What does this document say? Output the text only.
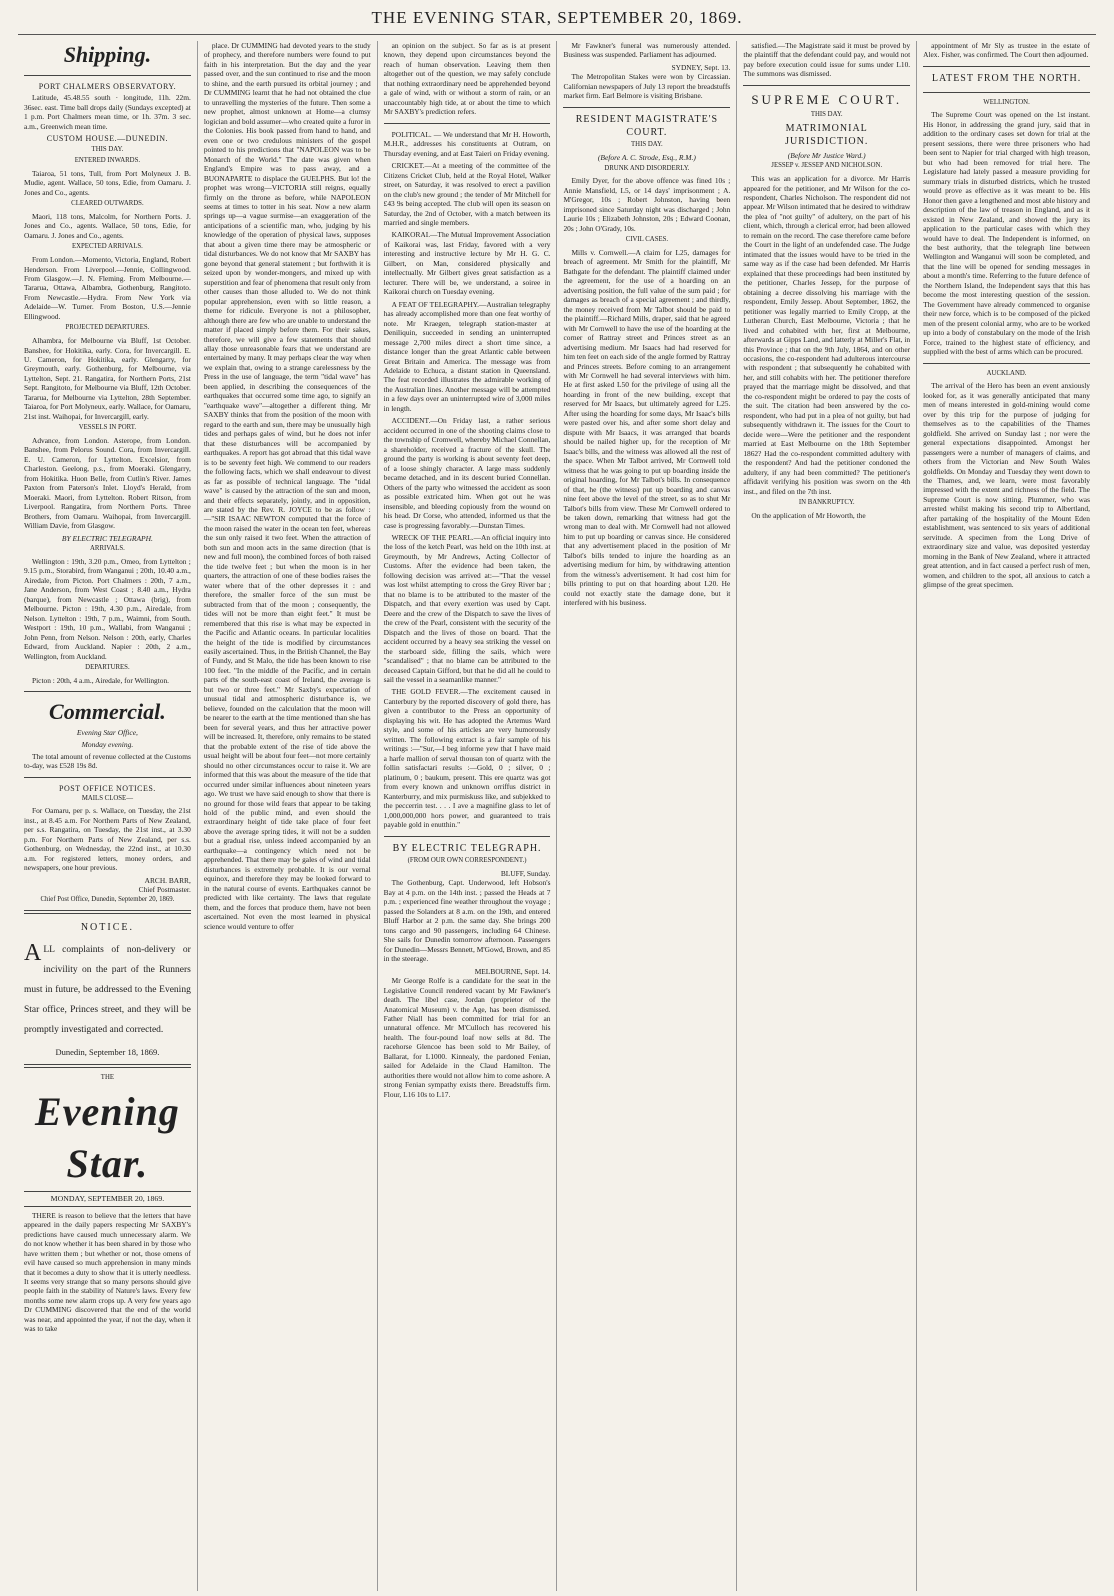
THE EVENING STAR, SEPTEMBER 20, 1869.
Shipping.
PORT CHALMERS OBSERVATORY.

Latitude, 45.48.55 south · longitude, 11h. 22m. 36sec. east. Time ball drops daily (Sundays excepted) at 1 p.m. Port Chalmers mean time, or 1h. 37m. 3 sec. a.m., Greenwich mean time.

CUSTOM HOUSE.—DUNEDIN.
THIS DAY.
ENTERED INWARDS.

Taiaroa, 51 tons, Tull, from Port Molyneux J. B. Mudie, agent. Wallace, 50 tons, Edie, from Oamaru. J. Jones and Co., agents.

CLEARED OUTWARDS.

Maori, 118 tons, Malcolm, for Northern Ports. J. Jones and Co., agents. Wallace, 50 tons, Edie, for Oamaru. J. Jones and Co., agents.

EXPECTED ARRIVALS.

From London.—Momento, Victoria, England, Robert Henderson. From Liverpool.—Jennie, Collingwood. From Glasgow.—J. N. Fleming. From Melbourne.—Tararua, Ottawa, Albambra, Gothenburg, Rangitoto. From Newcastle.—Hydra. From New York via Adelaide—W. Turner. From Boston, U.S.—Jennie Ellingwood.

PROJECTED DEPARTURES.

Alhambra, for Melbourne via Bluff, 1st October. Banshee, for Hokitika, early. Cora, for Invercargill. E. U. Cameron, for Hokitika, early. Glengarry, for Greymouth, early. Gothenburg, for Melbourne, via Lyttelton, Sept. 21. Rangatira, for Northern Ports, 21st Sept. Rangitoto, for Melbourne via Bluff, 12th October. Tararua, for Melbourne via Lyttelton, 28th September. Taiaroa, for Port Molyneux, early. Wallace, for Oamaru, 21st inst. Waihopai, for Invercargill, early.

VESSELS IN PORT.

Advance, from London. Asterope, from London. Banshee, from Pelorus Sound. Cora, from Invercargill. E. U. Cameron, for Lyttelton. Excelsior, from Charleston. Geelong, p.s., from Moeraki. Glengarry, from Hokitika. Huon Belle, from Cutlin's River. James Paxton from Paterson's Inlet. Lloyd's Herald, from Moeraki. Maori, from Lyttelton. Robert Ritson, from Liverpool. Rangatira, from Northern Ports. Three Brothers, from Oamaru. Waihopai, from Invercargill. William Davie, from Glasgow.

BY ELECTRIC TELEGRAPH.
ARRIVALS.

Wellington : 19th, 3.20 p.m., Omeo, from Lyttelton ; 9.15 p.m., Storabird, from Wanganui ; 20th, 10.40 a.m., Airedale, from Picton. Port Chalmers : 20th, 7 a.m., Jane Anderson, from West Coast ; 8.40 a.m., Hydra (barque), from Newcastle ; Ottawa (brig), from Melbourne. Picton : 19th, 4.30 p.m., Airedale, from Nelson. Lyttelton : 19th, 7 p.m., Waimni, from South. Westport : 19th, 10 p.m., Wallabi, from Wanganui ; John Penn, from Nelson. Nelson : 20th, early, Charles Edward, from Auckland. Napier : 20th, 2 a.m., Wellington, from Auckland.

DEPARTURES.

Picton : 20th, 4 a.m., Airedale, for Wellington.

Commercial.
Evening Star Office,
Monday evening.

The total amount of revenue collected at the Customs to-day, was £528 19s 8d.

POST OFFICE NOTICES.
MAILS CLOSE—

For Oamaru, per p. s. Wallace, on Tuesday, the 21st inst., at 8.45 a.m. For Northern Parts of New Zealand, per s.s. Rangatira, on Tuesday, the 21st inst., at 3.30 p.m. For Northern Parts of New Zealand, per s.s. Gothenburg, on Wednesday, the 22nd inst., at 10.30 a.m. For registered letters, money orders, and newspapers, one hour previous.

ARCH. BARR,
Chief Postmaster.
Chief Post Office, Dunedin, September 20, 1869.
NOTICE.
A LL complaints of non-delivery or incivility on the part of the Runners must in future, be addressed to the Evening Star office, Princes street, and they will be promptly investigated and corrected.
Dunedin, September 18, 1869.
THE
Evening Star.
MONDAY, SEPTEMBER 20, 1869.

THERE is reason to believe that the letters that have appeared in the daily papers respecting Mr SAXBY's predictions have caused much unnecessary alarm. We do not know whether it has been shared in by those who have written them ; but whether or not, those omens of evil have caused so much apprehension in many minds that it becomes a duty to show that it is utterly needless. It seems very strange that so many persons should give people faith in the stability of Nature's laws. Every few months some new alarm crops up. A very few years ago Dr CUMMING discovered that the end of the world was near, and appointed the year, if not the day, when it was to take

place. Dr CUMMING had devoted years to the study of prophecy, and therefore numbers were found to put faith in his interpretation. But the day and the year passed over, and the sun continued to rise and the moon to shine, and the earth pursued its orbital journey ; and Dr CUMMING learnt that he had not obtained the clue to unravelling the mysteries of the future. Then some a new prophet, almost unknown at Home—a clumsy logician and bold assumer—who created quite a furor in the Colonies. His book passed from hand to hand, and even one or two credulous ministers of the gospel pointed to his predictions that "NAPOLEON was to be Monarch of the World." The date was given when England's Empire was to pass away, and a BUONAPARTE to displace the GUELPHS. But lo! the prophet was wrong—VICTORIA still reigns, equally firmly on the throne as before, while NAPOLEON seems at times to totter in his seat. Now a new alarm springs up—a vague surmise—an exaggeration of the anticipations of a scientific man, who, judging by his knowledge of the operation of physical laws, supposes that about a given time there may be atmospheric or tidal disturbances. We do not know that Mr SAXBY has gone beyond that general statement ; but forthwith it is seized upon by wonder-mongers, and mixed up with superstition and fear of phenomena that result only from other causes than those alluded to. We do not think popular apprehension, even with so little reason, a theme for ridicule. Everyone is not a philosopher, although there are few who are unable to understand the matter if placed simply before them. For their sakes, therefore, we will give a few statements that should allay those unreasonable fears that we understand are entertained by many. It may perhaps clear the way when we explain that, owing to a strange carelessness by the Press in the use of language, the term "tidal wave" has been applied, in describing the consequences of the earthquakes that occurred some time ago, to signify an "earthquake wave"—altogether a different thing. Mr SAXBY thinks that from the position of the moon with regard to the earth and sun, there may be unusually high tides and perhaps gales of wind, but he does not infer that these disturbances will be accompanied by earthquakes. A report has got abroad that this tidal wave is to be seventy feet high. We commend to our readers the following facts, which we shall endeavour to divest as far as possible of technical language. The "tidal wave" is caused by the attraction of the sun and moon, and their effects separately, jointly, and in opposition, are stated by the Rev. R. JOYCE to be as follow :—"SIR ISAAC NEWTON computed that the force of the moon raised the water in the ocean ten feet, whereas the sun only raised it two feet. When the attraction of both sun and moon acts in the same direction (that is new and full moon), the combined forces of both raised the tide twelve feet ; but when the moon is in her quarters, the attraction of one of these bodies raises the water where that of the other depresses it : and therefore, the smaller force of the sun must be subtracted from that of the moon ; consequently, the tides will not be more than eight feet." It must be remembered that this rise is what may be expected in the Pacific and Atlantic oceans. In particular localities the height of the tide is modified by circumstances easily ascertained. Thus, in the British Channel, the Bay of Fundy, and St Malo, the tide has been known to rise 100 feet. "In the middle of the Pacific, and in certain parts of the south-east coast of Ireland, the average is but two or three feet." Mr Saxby's expectation of unusual tidal and atmospheric disturbance is, we believe, founded on the calculation that the moon will be nearer to the earth at the time mentioned than she has been for several years, and thus her attractive power will be increased. It, therefore, only remains to be stated that the probable extent of the rise of tide above the usual height will be about four feet—not more certainly should no other circumstances occur to raise it. We are informed that this was about the measure of the tide that occurred under similar influences about nineteen years ago. We trust we have said enough to show that there is no ground for those wild fears that appear to be taking hold of the public mind, and even should the extraordinary height of tide take place of four feet above the average spring tides, it will not be a sudden but a gradual rise, unless indeed accompanied by an earthquake—a contingency which need not be apprehended. That there may be gales of wind and tidal disturbances is extremely probable. It is our vernal equinox, and therefore they may be looked forward to in the natural course of events. Earthquakes cannot be predicted with like certainty. The laws that regulate them, and the forces that produce them, have not been ascertained. Not even the most learned in physical science would venture to offer

an opinion on the subject. So far as is at present known, they depend upon circumstances beyond the reach of human observation. Leaving them then altogether out of the question, we may safely conclude that nothing extraordinary need be apprehended beyond a gale of wind, with or without a storm of rain, or an unaccountably high tide, at or about the time to which Mr SAXBY's prediction refers.

POLITICAL. — We understand that Mr H. Howorth, M.H.R., addresses his constituents at Outram, on Thursday evening, and at East Taieri on Friday evening.

CRICKET.—At a meeting of the committee of the Citizens Cricket Club, held at the Royal Hotel, Walker street, on Saturday, it was resolved to erect a pavilion on the club's new ground ; the tender of Mr Mitchell for £43 9s being accepted. The club will open its season on Saturday, the 2nd of October, with a match between its married and single members.

KAIKORAI.—The Mutual Improvement Association of Kaikorai was, last Friday, favored with a very interesting and instructive lecture by Mr H. G. C. Gilbert, on Man, considered physically and intellectually. Mr Gilbert gives great satisfaction as a lecturer. There will be, we understand, a soiree in Kaikorai church on Tuesday evening.

A FEAT OF TELEGRAPHY.—Australian telegraphy has already accomplished more than one feat worthy of note. Mr Kraegen, telegraph station-master at Deniliquin, succeeded in sending an uninterrupted message 2,700 miles direct a short time since, a distance longer than the great Atlantic cable between Great Britain and America. The message was from Adelaide to Echuca, a distant station in Queensland. The feat recorded illustrates the admirable working of the Australian lines. Another message will be attempted in a few days over an uninterrupted wire of 3,000 miles in length.

ACCIDENT.—On Friday last, a rather serious accident occurred in one of the shooting claims close to the township of Cromwell, whereby Michael Connellan, a shareholder, received a fracture of the skull. The ground the party is working is about seventy feet deep, of a loose shingly character. A large mass suddenly became detached, and in its descent buried Connellan. Others of the party who witnessed the accident as soon as possible extricated him. When got out he was insensible, and bleeding copiously from the wound on his head. Dr Corse, who attended, informed us that the case is progressing favorably.—Dunstan Times.

WRECK OF THE PEARL.—An official inquiry into the loss of the ketch Pearl, was held on the 10th inst. at Greymouth, by Mr Andrews, Acting Collector of Customs. After the evidence had been taken, the following decision was arrived at:—"That the vessel was lost whilst attempting to cross the Grey River bar ; that no blame is to be attributed to the master of the Dispatch, and that every exertion was used by Capt. Deere and the crew of the Dispatch to save the lives of the crew of the Pearl, consistent with the security of the Dispatch and the lives of those on board. That the accident occurred by a heavy sea striking the vessel on the starboard side, filling the sails, which were "scandalised" ; that no blame can be attributed to the deceased Captain Gifford, but that he did all he could to sail the vessel in a seamanlike manner."

THE GOLD FEVER.—The excitement caused in Canterbury by the reported discovery of gold there, has given a contributor to the Press an opportunity of displaying his wit. He has adopted the Artemus Ward style, and some of his articles are very humorously written. The following extract is a fair sample of his writings :—"Sur,—I beg informe yew that I have maid a harfe mallion of serval thousan ton of quartz with the follin satisfactari results :—Gold, 0 ; silver, 0 ; platinum, 0 ; baukum, present. This ere quartz was got from every known and unknown orriffus district in Kanterburry, and mix purmiskuss like, and subjekked to the peccerrin test. . . . I ave a magnifine glass to let of 1,000,000,000 hors power, and guaranteed to trais payable gold in enutthin."

BY ELECTRIC TELEGRAPH.
(FROM OUR OWN CORRESPONDENT.)
BLUFF, Sunday.

The Gothenburg, Capt. Underwood, left Hobson's Bay at 4 p.m. on the 14th inst. ; passed the Heads at 7 p.m. ; experienced fine weather throughout the voyage ; passed the Solanders at 8 a.m. on the 19th, and entered Bluff Harbor at 2 p.m. the same day. She brings 200 tons cargo and 90 passengers, including 64 Chinese. She sails for Dunedin tomorrow afternoon. Passengers for Dunedin—Messrs Bennett, M'Gowd, Brown, and 85 in the steerage.

MELBOURNE, Sept. 14.

Mr George Rolfe is a candidate for the seat in the Legislative Council rendered vacant by Mr Fawkner's death. The libel case, Jordan (proprietor of the Anatomical Museum) v. the Age, has been dismissed. Father Niall has been committed for trial for an unnatural offence. Mr M'Culloch has recovered his health. The four-pound loaf now sells at 8d. The racehorse Glencoe has been sold to Mr Bailey, of Ballarat, for L1000. Kinnealy, the pardoned Fenian, sailed for Adelaide in the Claud Hamilton. The authorities there would not allow him to come ashore. A strong Fenian sympathy exists there. Breadstuffs firm. Flour, L16 10s to L17.

Mr Fawkner's funeral was numerously attended. Business was suspended. Parliament has adjourned.

SYDNEY, Sept. 13.

The Metropolitan Stakes were won by Circassian. Californian newspapers of July 13 report the breadstuffs market firm. Earl Belmore is visiting Brisbane.

RESIDENT MAGISTRATE'S COURT.
THIS DAY.
(Before A. C. Strode, Esq., R.M.)
DRUNK AND DISORDERLY.

Emily Dyer, for the above offence was fined 10s ; Annie Mansfield, L5, or 14 days' imprisonment ; A. M'Gregor, 10s ; Robert Johnston, having been imprisoned since Saturday night was discharged ; John Laurie 10s ; Elizabeth Johnston, 20s ; Edward Coonan, 20s ; John O'Grady, 10s.

CIVIL CASES.

Mills v. Cornwell.—A claim for L25, damages for breach of agreement. Mr Smith for the plaintiff, Mr Bathgate for the defendant. The plaintiff claimed under the agreement, for the use of a hoarding on an advertising position, the full value of the sum paid ; for damages as breach of a special agreement ; and thirdly, the money received from Mr Talbot should be paid to the plaintiff.—Richard Mills, draper, said that he agreed with Mr Cornwell to have the use of the hoarding at the corner of Rattray street and Princes street as an advertising medium. Mr Isaacs had had reserved for him ten feet on each side of the angle formed by Rattray and Princes streets. Before coming to an arrangement with Mr Cornwell he had several interviews with him. He at first asked L50 for the privilege of using all the hoarding in front of the new building, except that reserved for Mr Isaacs, but ultimately agreed for L25. After using the hoarding for some days, Mr Isaac's bills were pasted over his, and after some short delay and dispute with Mr Isaacs, it was arranged that boards should be nailed higher up, for the reception of Mr Isaac's bills, and the witness was allowed all the rest of the space. When Mr Talbot arrived, Mr Cornwell told witness that he was going to put up boarding inside the original hoarding, for Mr Talbot's bills. In consequence of that, he (the witness) put up boarding and canvas nine feet above the level of the street, so as to shut Mr Talbot's bills from view. These Mr Cornwell ordered to be taken down, remarking that witness had got the wrong man to deal with. Mr Cornwell had not allowed him to put up boarding or canvas since. He considered that any advertisement placed in the position of Mr Talbot's bills tended to injure the hoarding as an advertising medium for him, by withdrawing attention from the witness's advertisement. It had cost him for bills printing to put on that hoarding about L20. He could not exactly state the damage done, but it interfered with his business.

satisfied.—The Magistrate said it must be proved by the plaintiff that the defendant could pay, and would not pay before execution could issue for sums under L10. The summons was dismissed.

SUPREME COURT.
THIS DAY.
MATRIMONIAL JURISDICTION.
(Before Mr Justice Ward.)
JESSEP v. JESSEP AND NICHOLSON.

This was an application for a divorce. Mr Harris appeared for the petitioner, and Mr Wilson for the co-respondent, Charles Nicholson. The respondent did not appear. Mr Wilson intimated that he desired to withdraw the plea of "not guilty" of adultery, on the part of his client, which, through a clerical error, had been allowed to remain on the record. The case therefore came before the Court in the light of an undefended case. The Judge intimated that the issues would have to be tried in the same way as if the case had been defended. Mr Harris explained that these proceedings had been instituted by the petitioner, Charles Jessep, for the purpose of obtaining a decree dissolving his marriage with the respondent, Emily Jessep. About September, 1862, the petitioner was legally married to Emily Cropp, at the Lutheran Church, East Melbourne, Victoria ; that he lived and cohabited with her, first at Melbourne, afterwards at Gipps Land, and latterly at Miller's Flat, in this Province ; that on the 9th July, 1864, and on other occasions, the co-respondent had adulterous intercourse with respondent ; that subsequently he cohabited with her, and still cohabits with her. The petitioner therefore prayed that the marriage might be dissolved, and that the co-respondent might be ordered to pay the costs of the suit. The citation had been answered by the co-respondent, who had put in a plea of not guilty, but had subsequently withdrawn it. The issues for the Court to decide were—Were the petitioner and the respondent married at East Melbourne on the 18th September 1862? Had the co-respondent committed adultery with the respondent? And had the petitioner condoned the adultery, if any had been committed? The petitioner's affidavit verifying his position was sworn on the 4th inst., and filed on the 7th inst.

IN BANKRUPTCY.

On the application of Mr Howorth, the

appointment of Mr Sly as trustee in the estate of Alex. Fisher, was confirmed. The Court then adjourned.

LATEST FROM THE NORTH.
WELLINGTON.

The Supreme Court was opened on the 1st instant. His Honor, in addressing the grand jury, said that in addition to the ordinary cases set down for trial at the present sessions, there were three prisoners who had been sent to Napier for trial charged with high treason, but who had been removed for trial here. The Legislature had lately passed a measure providing for summary trials in disturbed districts, which he trusted would prove as effective as it was meant to be. His Honor then gave a lengthened and most able history and description of the law of treason in England, and as it existed in New Zealand, and showed the jury its application to the particular cases with which they would have to deal. The Independent is informed, on the best authority, that the telegraph line between Wellington and Wanganui will soon be completed, and that the line will be opened for sending messages in about a month's time. Referring to the future defence of the Northern Island, the Independent says that this has become the most interesting question of the session. The Government have already commenced to organise their new force, which is to be composed of the picked men of the present colonial army, who are to be worked up into a body of constabulary on the mode of the Irish Force, trained to the highest state of efficiency, and supplied with the best of arms which can be procured.

AUCKLAND.

The arrival of the Hero has been an event anxiously looked for, as it was generally anticipated that many men of means interested in gold-mining would come over by this trip for the purpose of judging for themselves as to the capabilities of the Thames goldfield. She arrived on Sunday last ; nor were the general expectations disappointed. Amongst her passengers were a number of managers of claims, and others from the Victorian and New South Wales goldfields. On Monday and Tuesday they went down to the Thames, and, we learn, were most favorably impressed with the extent and richness of the field. The Supreme Court is now sitting. Plummer, who was arrested whilst making his second trip to Albertland, after partaking of the hospitality of the Mount Eden establishment, was sentenced to six years of additional servitude. A specimen from the Long Drive of extraordinary size and value, was deposited yesterday morning in the Bank of New Zealand, where it attracted great attention, and in fact caused a perfect rush of men, women, and children to the spot, all anxious to catch a glimpse of the great specimen.
